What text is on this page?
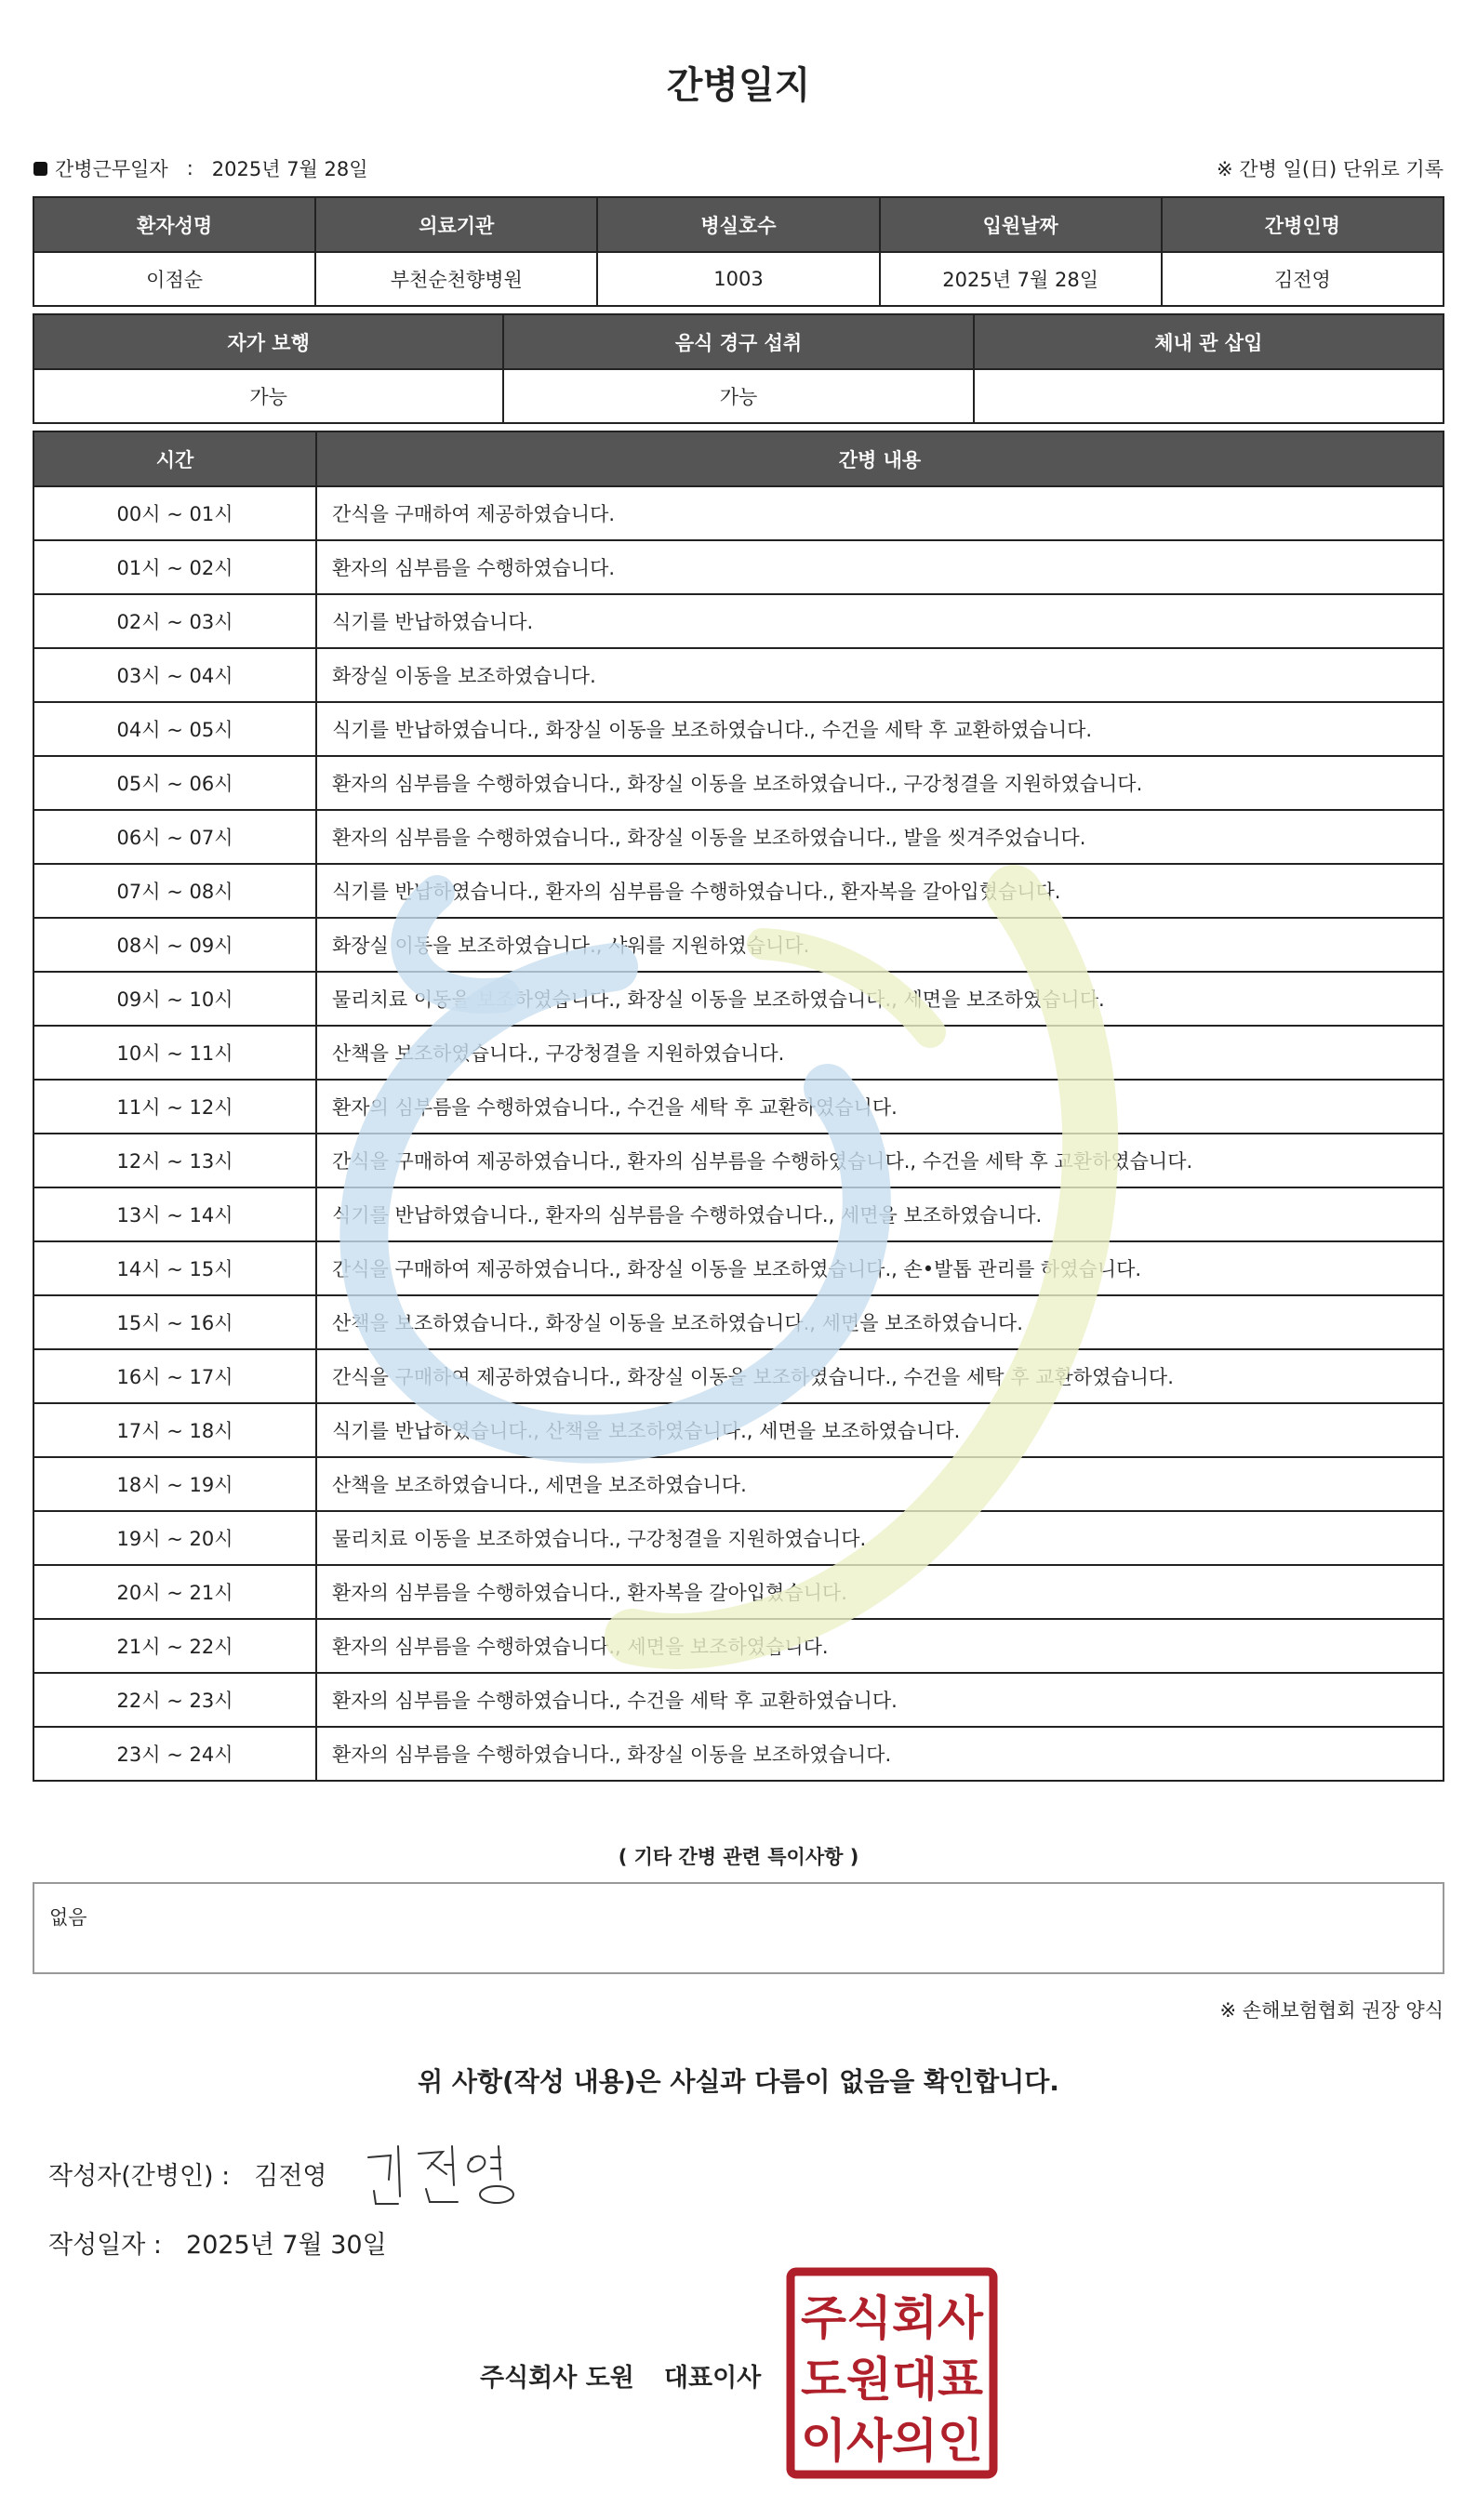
간병일지
간병근무일자 : 2025년 7월 28일	※ 간병 일(日) 단위로 기록
환자성명	의료기관	병실호수	입원날짜	간병인명
이점순	부천순천향병원	1003	2025년 7월 28일	김전영
자가 보행	음식 경구 섭취	체내 관 삽입
가능	가능	
시간	간병 내용
00시 ~ 01시	간식을 구매하여 제공하였습니다.
01시 ~ 02시	환자의 심부름을 수행하였습니다.
02시 ~ 03시	식기를 반납하였습니다.
03시 ~ 04시	화장실 이동을 보조하였습니다.
04시 ~ 05시	식기를 반납하였습니다., 화장실 이동을 보조하였습니다., 수건을 세탁 후 교환하였습니다.
05시 ~ 06시	환자의 심부름을 수행하였습니다., 화장실 이동을 보조하였습니다., 구강청결을 지원하였습니다.
06시 ~ 07시	환자의 심부름을 수행하였습니다., 화장실 이동을 보조하였습니다., 발을 씻겨주었습니다.
07시 ~ 08시	식기를 반납하였습니다., 환자의 심부름을 수행하였습니다., 환자복을 갈아입혔습니다.
08시 ~ 09시	화장실 이동을 보조하였습니다., 샤워를 지원하였습니다.
09시 ~ 10시	물리치료 이동을 보조하였습니다., 화장실 이동을 보조하였습니다., 세면을 보조하였습니다.
10시 ~ 11시	산책을 보조하였습니다., 구강청결을 지원하였습니다.
11시 ~ 12시	환자의 심부름을 수행하였습니다., 수건을 세탁 후 교환하였습니다.
12시 ~ 13시	간식을 구매하여 제공하였습니다., 환자의 심부름을 수행하였습니다., 수건을 세탁 후 교환하였습니다.
13시 ~ 14시	식기를 반납하였습니다., 환자의 심부름을 수행하였습니다., 세면을 보조하였습니다.
14시 ~ 15시	간식을 구매하여 제공하였습니다., 화장실 이동을 보조하였습니다., 손•발톱 관리를 하였습니다.
15시 ~ 16시	산책을 보조하였습니다., 화장실 이동을 보조하였습니다., 세면을 보조하였습니다.
16시 ~ 17시	간식을 구매하여 제공하였습니다., 화장실 이동을 보조하였습니다., 수건을 세탁 후 교환하였습니다.
17시 ~ 18시	식기를 반납하였습니다., 산책을 보조하였습니다., 세면을 보조하였습니다.
18시 ~ 19시	산책을 보조하였습니다., 세면을 보조하였습니다.
19시 ~ 20시	물리치료 이동을 보조하였습니다., 구강청결을 지원하였습니다.
20시 ~ 21시	환자의 심부름을 수행하였습니다., 환자복을 갈아입혔습니다.
21시 ~ 22시	환자의 심부름을 수행하였습니다., 세면을 보조하였습니다.
22시 ~ 23시	환자의 심부름을 수행하였습니다., 수건을 세탁 후 교환하였습니다.
23시 ~ 24시	환자의 심부름을 수행하였습니다., 화장실 이동을 보조하였습니다.
( 기타 간병 관련 특이사항 )
없음
※ 손해보험협회 권장 양식
위 사항(작성 내용)은 사실과 다름이 없음을 확인합니다.
작성자(간병인) : 김전영
작성일자 : 2025년 7월 30일
주식회사 도원 대표이사
주식회사
도원대표
이사의인
